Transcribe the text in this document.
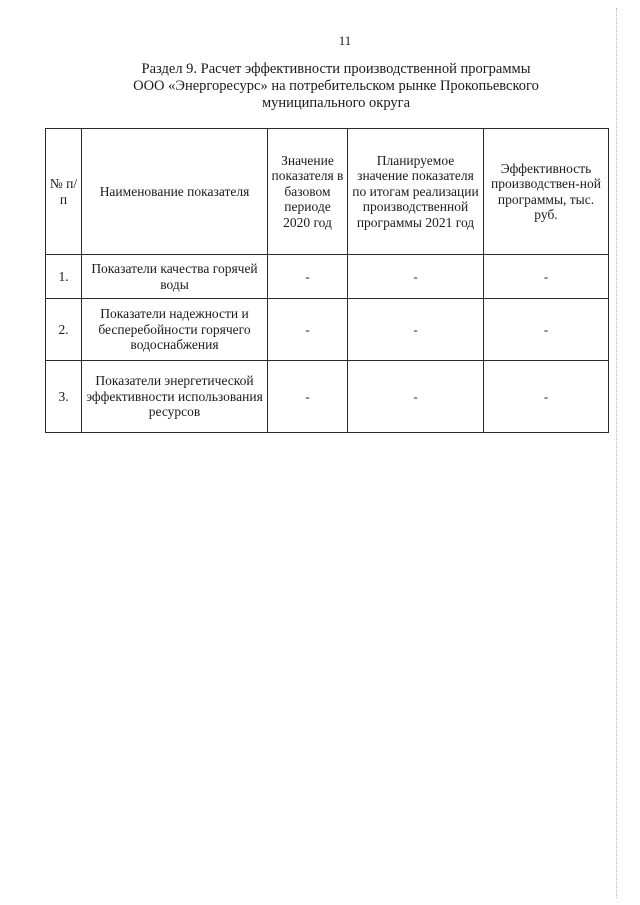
11
Раздел 9. Расчет эффективности производственной программы
ООО «Энергоресурс» на потребительском рынке Прокопьевского
муниципального округа
№ п/п	Наименование показателя	Значение показателя в базовом периоде 2020 год	Планируемое значение показателя по итогам реализации производственной программы 2021 год	Эффективность производствен-ной программы, тыс. руб.
1.	Показатели качества горячей воды	-	-	-
2.	Показатели надежности и бесперебойности горячего водоснабжения	-	-	-
3.	Показатели энергетической эффективности использования ресурсов	-	-	-
